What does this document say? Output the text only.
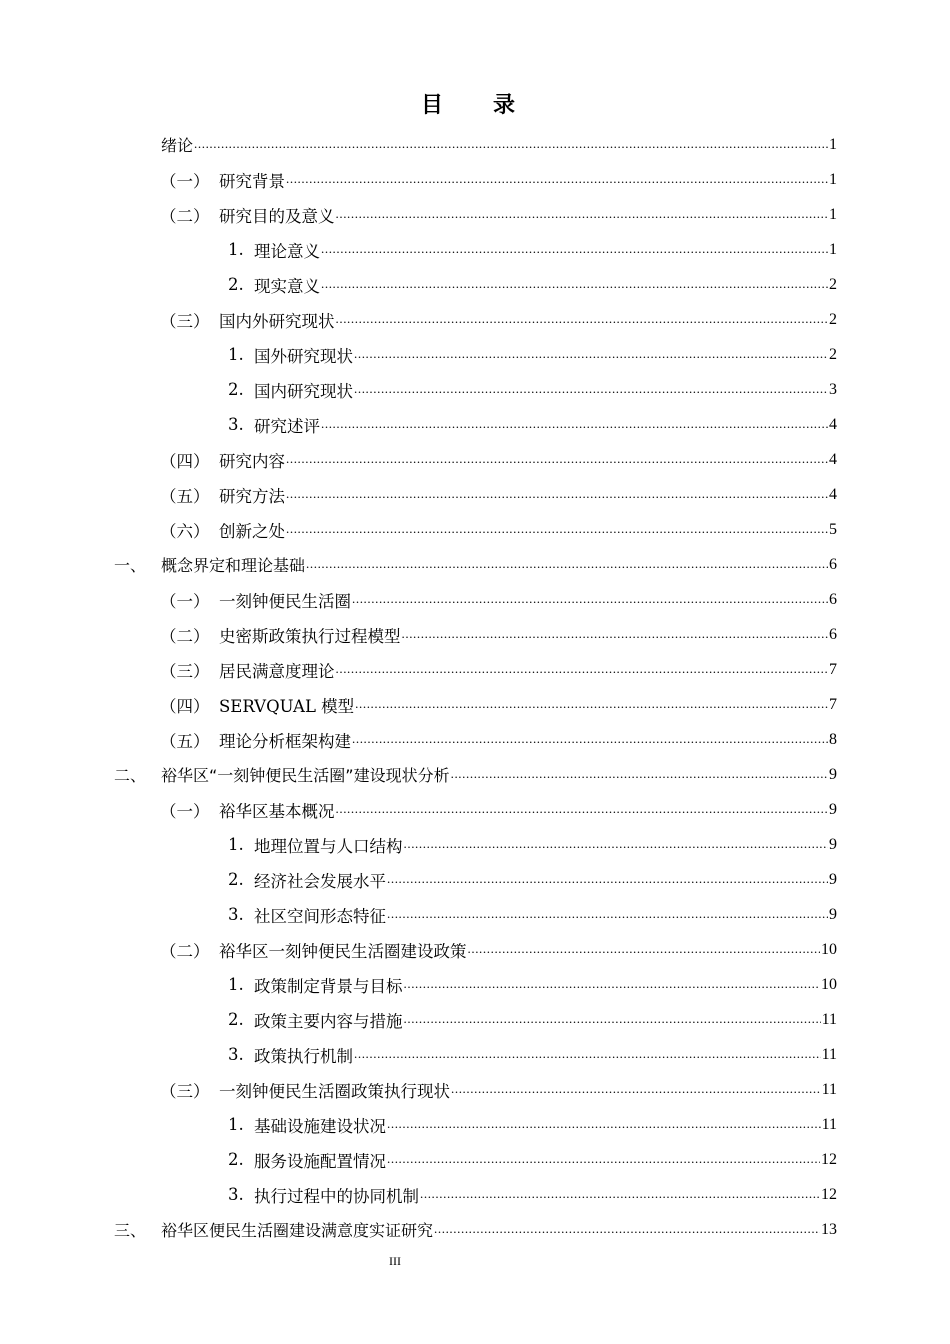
目　录
绪论 .....	1
（一） 研究背景 .....	1
（二） 研究目的及意义 .....	1
1. 理论意义 .....	1
2. 现实意义 .....	2
（三） 国内外研究现状 .....	2
1. 国外研究现状 .....	2
2. 国内研究现状 .....	3
3. 研究述评 .....	4
（四） 研究内容 .....	4
（五） 研究方法 .....	4
（六） 创新之处 .....	5
一、 概念界定和理论基础 .....	6
（一） 一刻钟便民生活圈 .....	6
（二） 史密斯政策执行过程模型 .....	6
（三） 居民满意度理论 .....	7
（四） SERVQUAL 模型 .....	7
（五） 理论分析框架构建 .....	8
二、 裕华区“一刻钟便民生活圈”建设现状分析 .....	9
（一） 裕华区基本概况 .....	9
1. 地理位置与人口结构 .....	9
2. 经济社会发展水平 .....	9
3. 社区空间形态特征 .....	9
（二） 裕华区一刻钟便民生活圈建设政策 .....	10
1. 政策制定背景与目标 .....	10
2. 政策主要内容与措施 .....	11
3. 政策执行机制 .....	11
（三） 一刻钟便民生活圈政策执行现状 .....	11
1. 基础设施建设状况 .....	11
2. 服务设施配置情况 .....	12
3. 执行过程中的协同机制 .....	12
三、 裕华区便民生活圈建设满意度实证研究 .....	13
III
